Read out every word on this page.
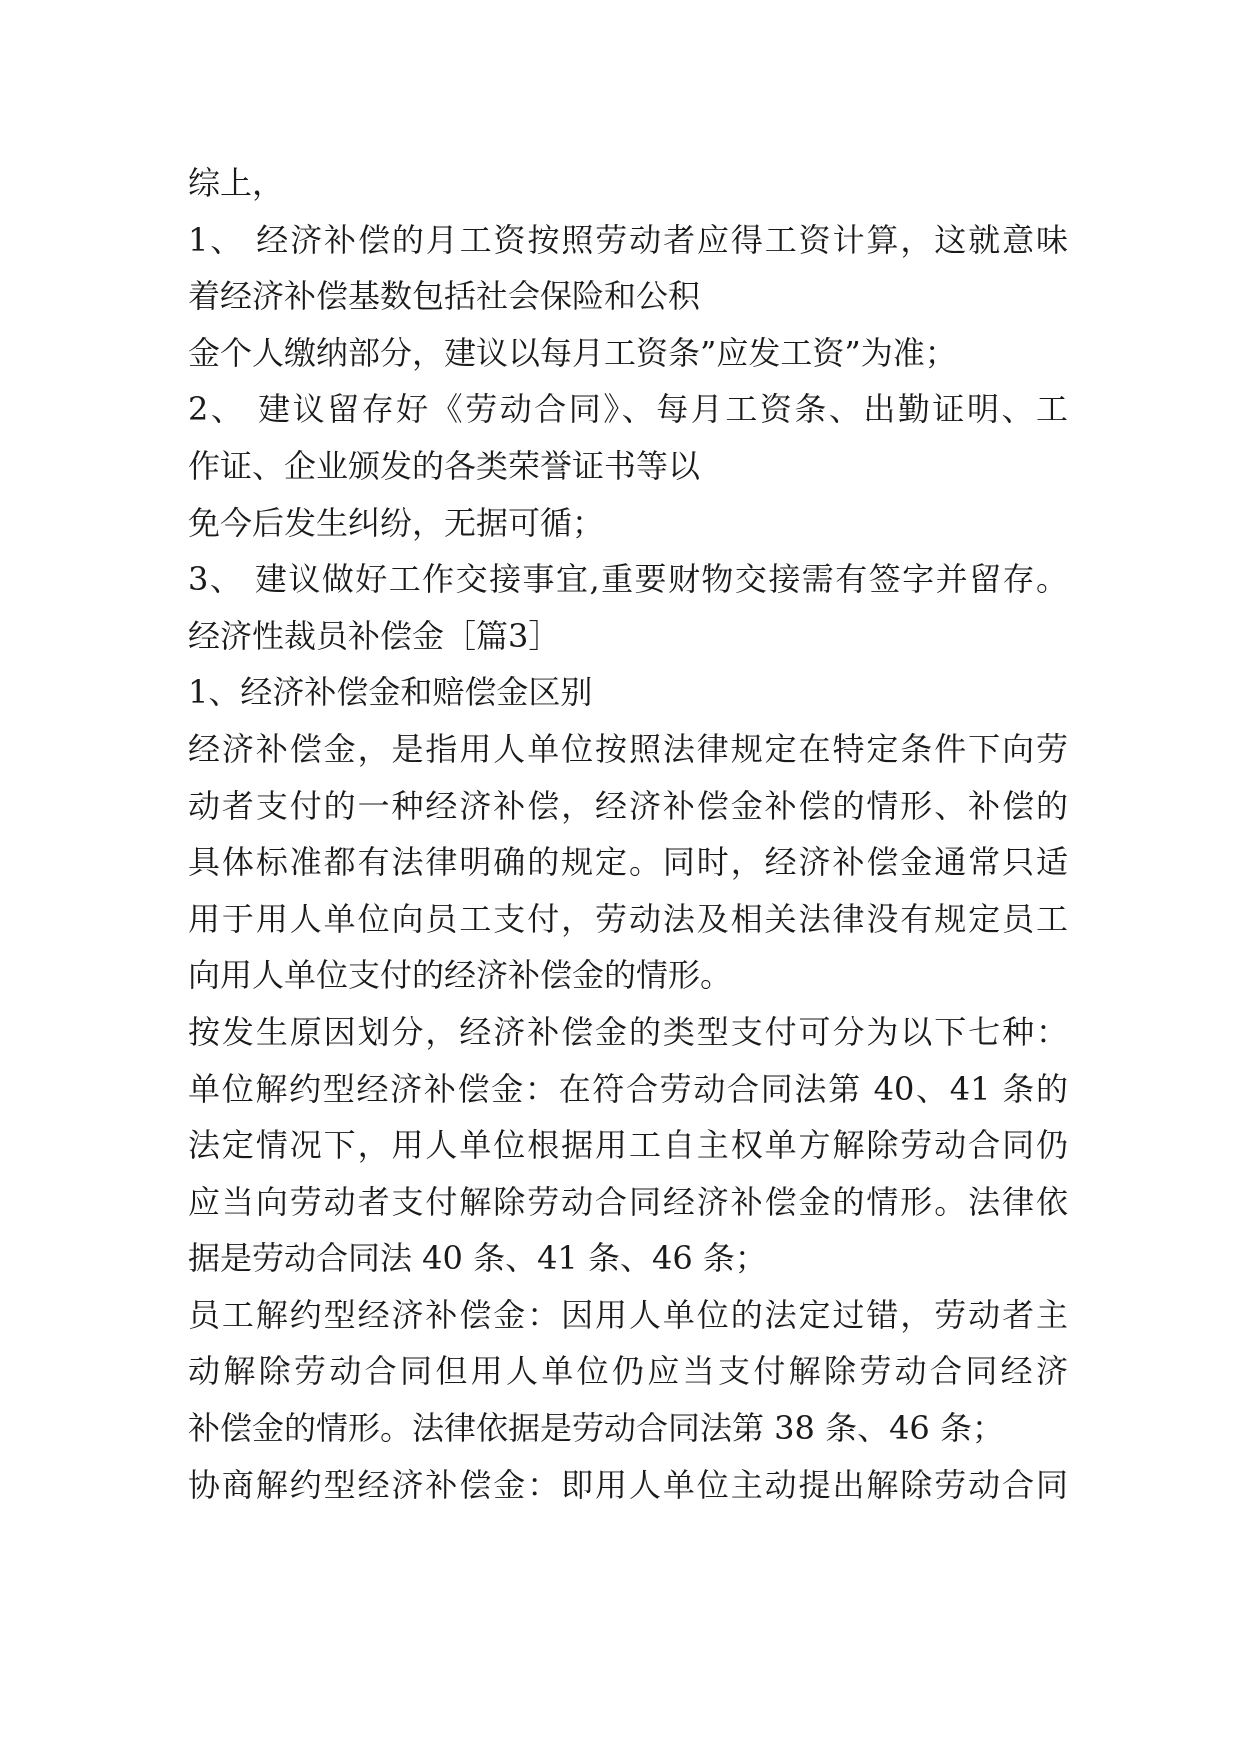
综上，
1、 经济补偿的月工资按照劳动者应得工资计算，这就意味
着经济补偿基数包括社会保险和公积
金个人缴纳部分，建议以每月工资条”应发工资”为准；
2、 建议留存好《劳动合同》、每月工资条、出勤证明、工
作证、企业颁发的各类荣誉证书等以
免今后发生纠纷，无据可循；
3、 建议做好工作交接事宜,重要财物交接需有签字并留存。
经济性裁员补偿金［篇3］
1、经济补偿金和赔偿金区别
经济补偿金，是指用人单位按照法律规定在特定条件下向劳
动者支付的一种经济补偿，经济补偿金补偿的情形、补偿的
具体标准都有法律明确的规定。同时，经济补偿金通常只适
用于用人单位向员工支付，劳动法及相关法律没有规定员工
向用人单位支付的经济补偿金的情形。
按发生原因划分，经济补偿金的类型支付可分为以下七种：
单位解约型经济补偿金：在符合劳动合同法第 40、41 条的
法定情况下，用人单位根据用工自主权单方解除劳动合同仍
应当向劳动者支付解除劳动合同经济补偿金的情形。法律依
据是劳动合同法 40 条、41 条、46 条；
员工解约型经济补偿金：因用人单位的法定过错，劳动者主
动解除劳动合同但用人单位仍应当支付解除劳动合同经济
补偿金的情形。法律依据是劳动合同法第 38 条、46 条；
协商解约型经济补偿金：即用人单位主动提出解除劳动合同
